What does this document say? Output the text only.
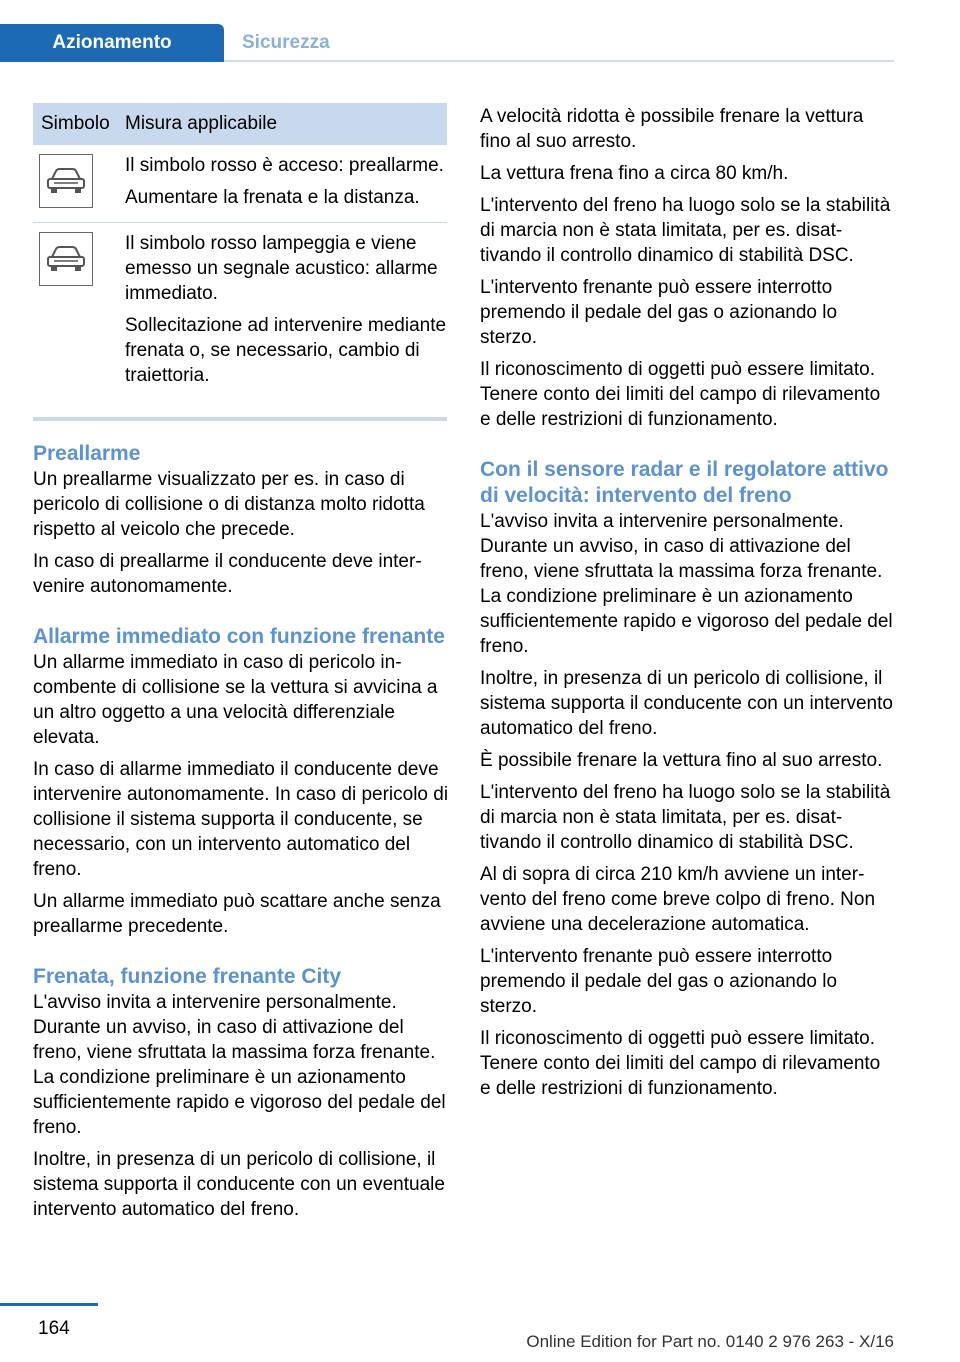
Azionamento	Sicurezza
Simbolo Misura applicabile

Il simbolo rosso è acceso: preallarme.

Aumentare la frenata e la distanza.

Il simbolo rosso lampeggia e viene emesso un segnale acustico: allarme immediato.

Sollecitazione ad intervenire mediante frenata o, se necessario, cambio di traiettoria.

Preallarme

Un preallarme visualizzato per es. in caso di pericolo di collisione o di distanza molto ridotta rispetto al veicolo che precede.

In caso di preallarme il conducente deve intervenire autonomamente.

Allarme immediato con funzione frenante

Un allarme immediato in caso di pericolo incombente di collisione se la vettura si avvicina a un altro oggetto a una velocità differenziale elevata.

In caso di allarme immediato il conducente deve intervenire autonomamente. In caso di pericolo di collisione il sistema supporta il conducente, se necessario, con un intervento automatico del freno.

Un allarme immediato può scattare anche senza preallarme precedente.

Frenata, funzione frenante City

L'avviso invita a intervenire personalmente. Durante un avviso, in caso di attivazione del freno, viene sfruttata la massima forza frenante. La condizione preliminare è un azionamento sufficientemente rapido e vigoroso del pedale del freno.

Inoltre, in presenza di un pericolo di collisione, il sistema supporta il conducente con un eventuale intervento automatico del freno.

A velocità ridotta è possibile frenare la vettura fino al suo arresto.

La vettura frena fino a circa 80 km/h.

L'intervento del freno ha luogo solo se la stabilità di marcia non è stata limitata, per es. disattivando il controllo dinamico di stabilità DSC.

L'intervento frenante può essere interrotto premendo il pedale del gas o azionando lo sterzo.

Il riconoscimento di oggetti può essere limitato. Tenere conto dei limiti del campo di rilevamento e delle restrizioni di funzionamento.

Con il sensore radar e il regolatore attivo di velocità: intervento del freno

L'avviso invita a intervenire personalmente. Durante un avviso, in caso di attivazione del freno, viene sfruttata la massima forza frenante. La condizione preliminare è un azionamento sufficientemente rapido e vigoroso del pedale del freno.

Inoltre, in presenza di un pericolo di collisione, il sistema supporta il conducente con un intervento automatico del freno.

È possibile frenare la vettura fino al suo arresto.

L'intervento del freno ha luogo solo se la stabilità di marcia non è stata limitata, per es. disattivando il controllo dinamico di stabilità DSC.

Al di sopra di circa 210 km/h avviene un intervento del freno come breve colpo di freno. Non avviene una decelerazione automatica.

L'intervento frenante può essere interrotto premendo il pedale del gas o azionando lo sterzo.

Il riconoscimento di oggetti può essere limitato. Tenere conto dei limiti del campo di rilevamento e delle restrizioni di funzionamento.

164
Online Edition for Part no. 0140 2 976 263 - X/16
